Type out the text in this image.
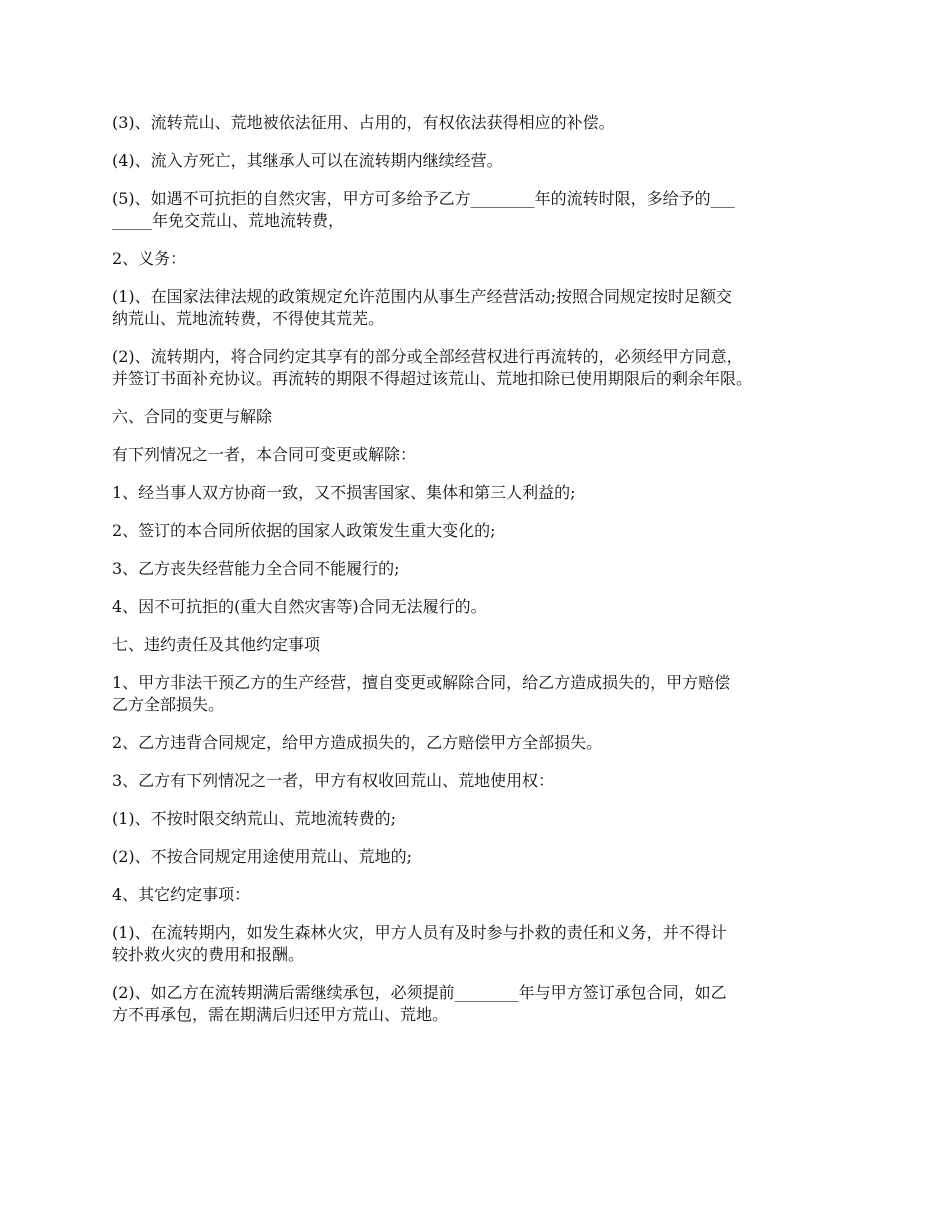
(3)、流转荒山、荒地被依法征用、占用的，有权依法获得相应的补偿。

(4)、流入方死亡，其继承人可以在流转期内继续经营。

(5)、如遇不可抗拒的自然灾害，甲方可多给予乙方________年的流转时限，多给予的___
_____年免交荒山、荒地流转费，

2、义务：

(1)、在国家法律法规的政策规定允许范围内从事生产经营活动;按照合同规定按时足额交
纳荒山、荒地流转费，不得使其荒芜。

(2)、流转期内，将合同约定其享有的部分或全部经营权进行再流转的，必须经甲方同意，
并签订书面补充协议。再流转的期限不得超过该荒山、荒地扣除已使用期限后的剩余年限。

六、合同的变更与解除

有下列情况之一者，本合同可变更或解除：

1、经当事人双方协商一致，又不损害国家、集体和第三人利益的;

2、签订的本合同所依据的国家人政策发生重大变化的;

3、乙方丧失经营能力全合同不能履行的;

4、因不可抗拒的(重大自然灾害等)合同无法履行的。

七、违约责任及其他约定事项

1、甲方非法干预乙方的生产经营，擅自变更或解除合同，给乙方造成损失的，甲方赔偿
乙方全部损失。

2、乙方违背合同规定，给甲方造成损失的，乙方赔偿甲方全部损失。

3、乙方有下列情况之一者，甲方有权收回荒山、荒地使用权：

(1)、不按时限交纳荒山、荒地流转费的;

(2)、不按合同规定用途使用荒山、荒地的;

4、其它约定事项：

(1)、在流转期内，如发生森林火灾，甲方人员有及时参与扑救的责任和义务，并不得计
较扑救火灾的费用和报酬。

(2)、如乙方在流转期满后需继续承包，必须提前________年与甲方签订承包合同，如乙
方不再承包，需在期满后归还甲方荒山、荒地。
